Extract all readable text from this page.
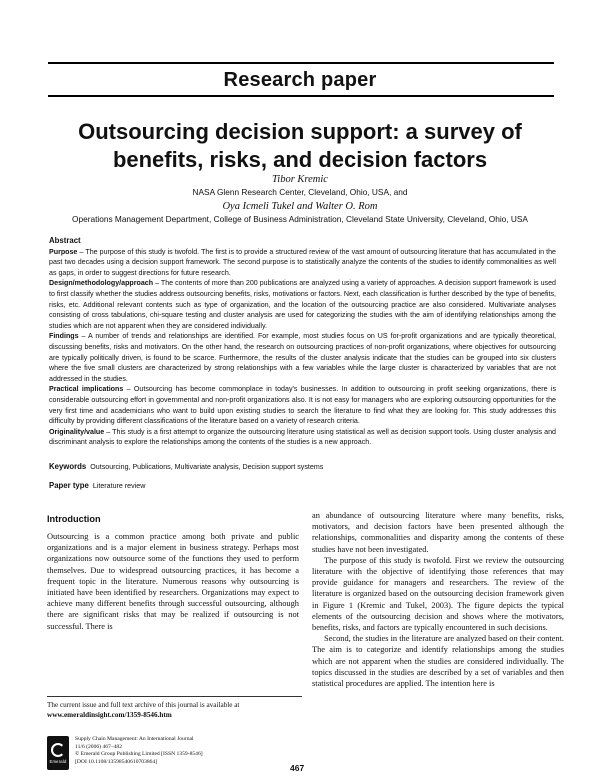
Research paper
Outsourcing decision support: a survey of benefits, risks, and decision factors
Tibor Kremic
NASA Glenn Research Center, Cleveland, Ohio, USA, and
Oya Icmeli Tukel and Walter O. Rom
Operations Management Department, College of Business Administration, Cleveland State University, Cleveland, Ohio, USA
Abstract

Purpose – The purpose of this study is twofold. The first is to provide a structured review of the vast amount of outsourcing literature that has accumulated in the past two decades using a decision support framework. The second purpose is to statistically analyze the contents of the studies to identify commonalities as well as gaps, in order to suggest directions for future research.

Design/methodology/approach – The contents of more than 200 publications are analyzed using a variety of approaches. A decision support framework is used to first classify whether the studies address outsourcing benefits, risks, motivations or factors. Next, each classification is further described by the type of benefits, risks, etc. Additional relevant contents such as type of organization, and the location of the outsourcing practice are also considered. Multivariate analyses consisting of cross tabulations, chi-square testing and cluster analysis are used for categorizing the studies with the aim of identifying relationships among the studies which are not apparent when they are considered individually.

Findings – A number of trends and relationships are identified. For example, most studies focus on US for-profit organizations and are typically theoretical, discussing benefits, risks and motivators. On the other hand, the research on outsourcing practices of non-profit organizations, where objectives for outsourcing are typically politically driven, is found to be scarce. Furthermore, the results of the cluster analysis indicate that the studies can be grouped into six clusters where the five small clusters are characterized by strong relationships with a few variables while the large cluster is characterized by variables that are not addressed in the studies.

Practical implications – Outsourcing has become commonplace in today's businesses. In addition to outsourcing in profit seeking organizations, there is considerable outsourcing effort in governmental and non-profit organizations also. It is not easy for managers who are exploring outsourcing opportunities for the very first time and academicians who want to build upon existing studies to search the literature to find what they are looking for. This study addresses this difficulty by providing different classifications of the literature based on a variety of research criteria.

Originality/value – This study is a first attempt to organize the outsourcing literature using statistical as well as decision support tools. Using cluster analysis and discriminant analysis to explore the relationships among the contents of the studies is a new approach.

Keywords Outsourcing, Publications, Multivariate analysis, Decision support systems
Paper type Literature review
Introduction

Outsourcing is a common practice among both private and public organizations and is a major element in business strategy. Perhaps most organizations now outsource some of the functions they used to perform themselves. Due to widespread outsourcing practices, it has become a frequent topic in the literature. Numerous reasons why outsourcing is initiated have been identified by researchers. Organizations may expect to achieve many different benefits through successful outsourcing, although there are significant risks that may be realized if outsourcing is not successful. There is

an abundance of outsourcing literature where many benefits, risks, motivators, and decision factors have been presented although the relationships, commonalities and disparity among the contents of these studies have not been investigated.

The purpose of this study is twofold. First we review the outsourcing literature with the objective of identifying those references that may provide guidance for managers and researchers. The review of the literature is organized based on the outsourcing decision framework given in Figure 1 (Kremic and Tukel, 2003). The figure depicts the typical elements of the outsourcing decision and shows where the motivators, benefits, risks, and factors are typically encountered in such decisions.

Second, the studies in the literature are analyzed based on their content. The aim is to categorize and identify relationships among the studies which are not apparent when the studies are considered individually. The topics discussed in the studies are described by a set of variables and then statistical procedures are applied. The intention here is

The current issue and full text archive of this journal is available at
www.emeraldinsight.com/1359-8546.htm
Emerald
Supply Chain Management: An International Journal
11/6 (2006) 467–482
© Emerald Group Publishing Limited [ISSN 1359-8546]
[DOI 10.1108/13598540610703864]
467
